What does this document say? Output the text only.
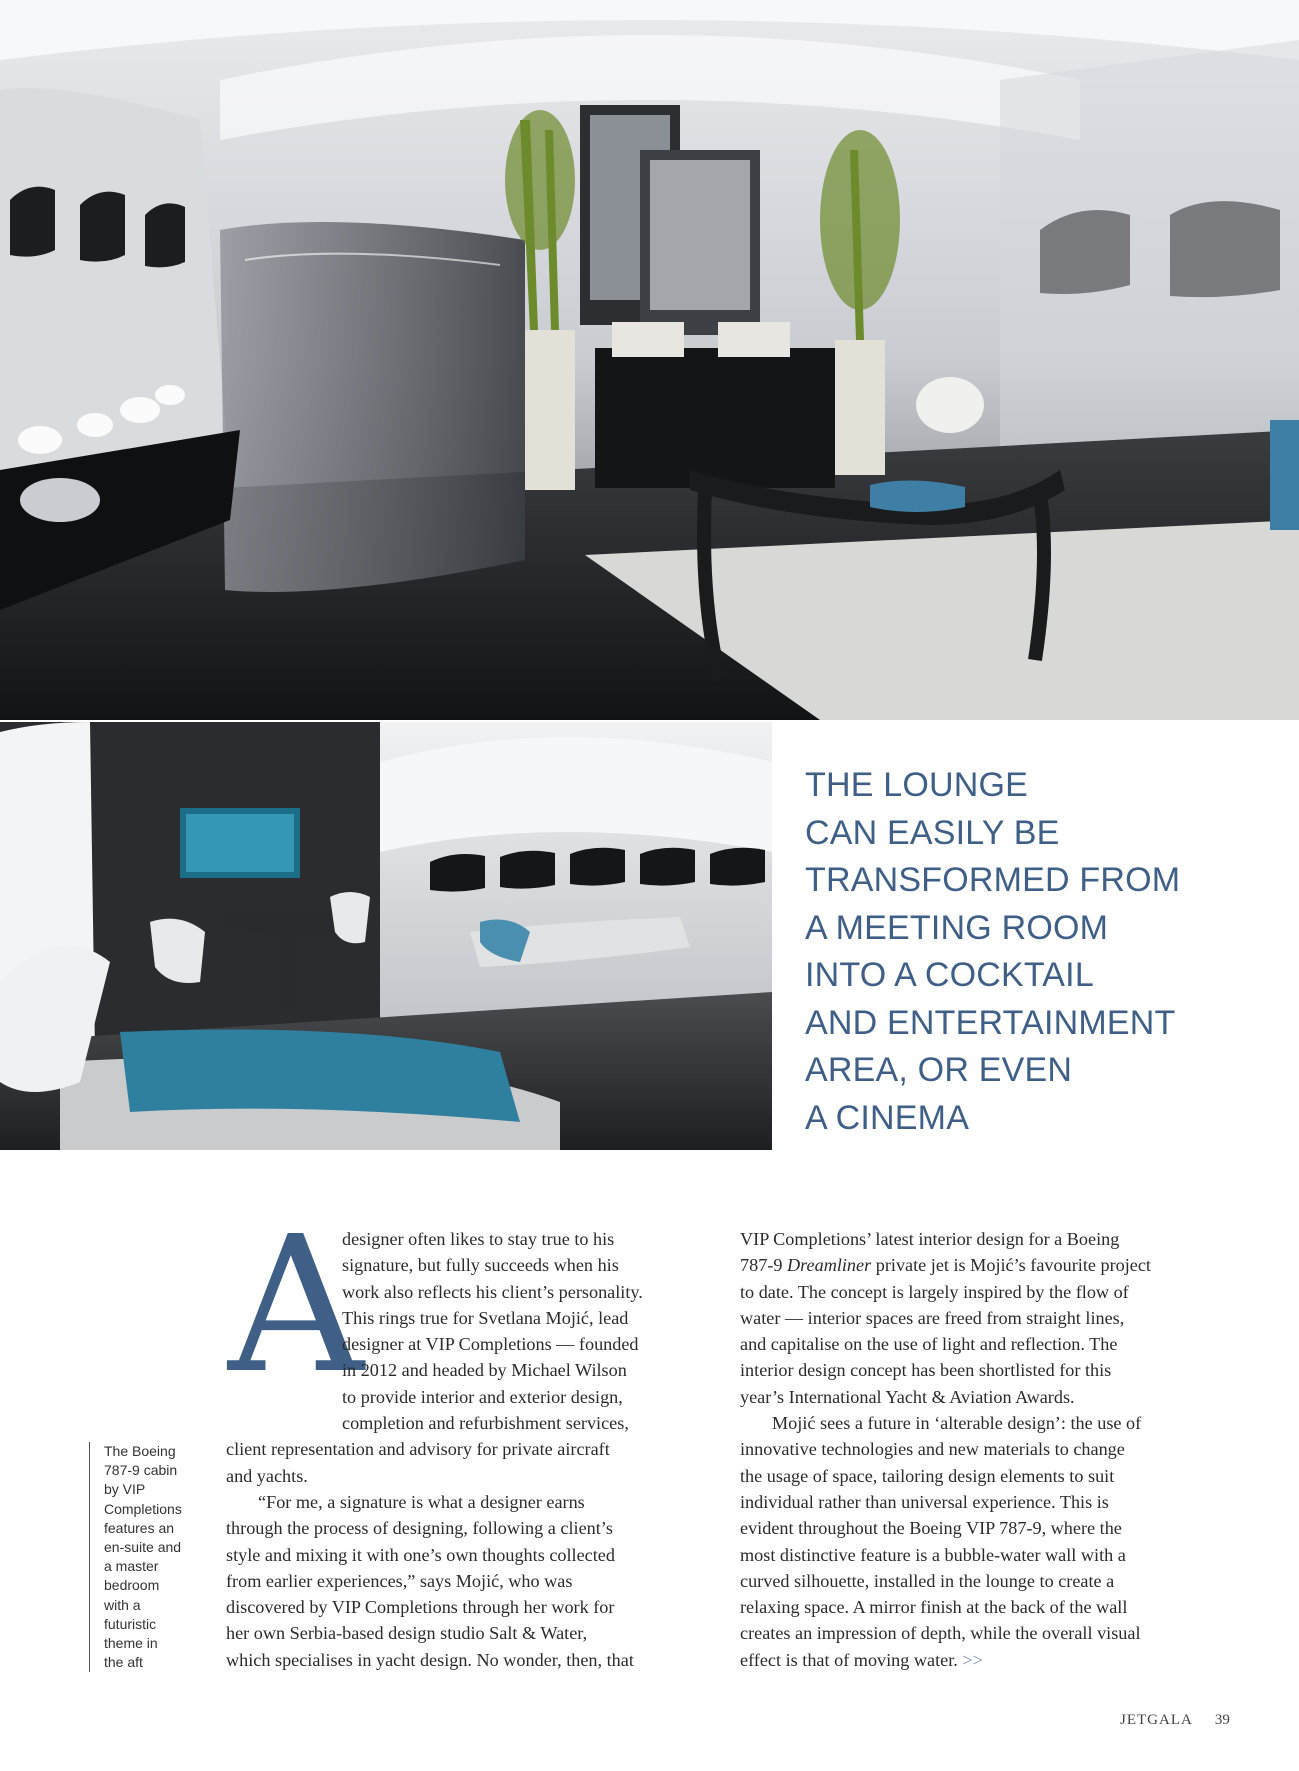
THE LOUNGE
CAN EASILY BE
TRANSFORMED FROM
A MEETING ROOM
INTO A COCKTAIL
AND ENTERTAINMENT
AREA, OR EVEN
A CINEMA
The Boeing
787-9 cabin
by VIP
Completions
features an
en-suite and
a master
bedroom
with a
futuristic
theme in
the aft
A
designer often likes to stay true to his
signature, but fully succeeds when his
work also reflects his client’s personality.
This rings true for Svetlana Mojić, lead
designer at VIP Completions — founded
in 2012 and headed by Michael Wilson
to provide interior and exterior design,
completion and refurbishment services,
client representation and advisory for private aircraft
and yachts.
“For me, a signature is what a designer earns
through the process of designing, following a client’s
style and mixing it with one’s own thoughts collected
from earlier experiences,” says Mojić, who was
discovered by VIP Completions through her work for
her own Serbia-based design studio Salt & Water,
which specialises in yacht design. No wonder, then, that
VIP Completions’ latest interior design for a Boeing
787-9 Dreamliner private jet is Mojić’s favourite project
to date. The concept is largely inspired by the flow of
water — interior spaces are freed from straight lines,
and capitalise on the use of light and reflection. The
interior design concept has been shortlisted for this
year’s International Yacht & Aviation Awards.
Mojić sees a future in ‘alterable design’: the use of
innovative technologies and new materials to change
the usage of space, tailoring design elements to suit
individual rather than universal experience. This is
evident throughout the Boeing VIP 787-9, where the
most distinctive feature is a bubble-water wall with a
curved silhouette, installed in the lounge to create a
relaxing space. A mirror finish at the back of the wall
creates an impression of depth, while the overall visual
effect is that of moving water. >>
JETGALA 39
